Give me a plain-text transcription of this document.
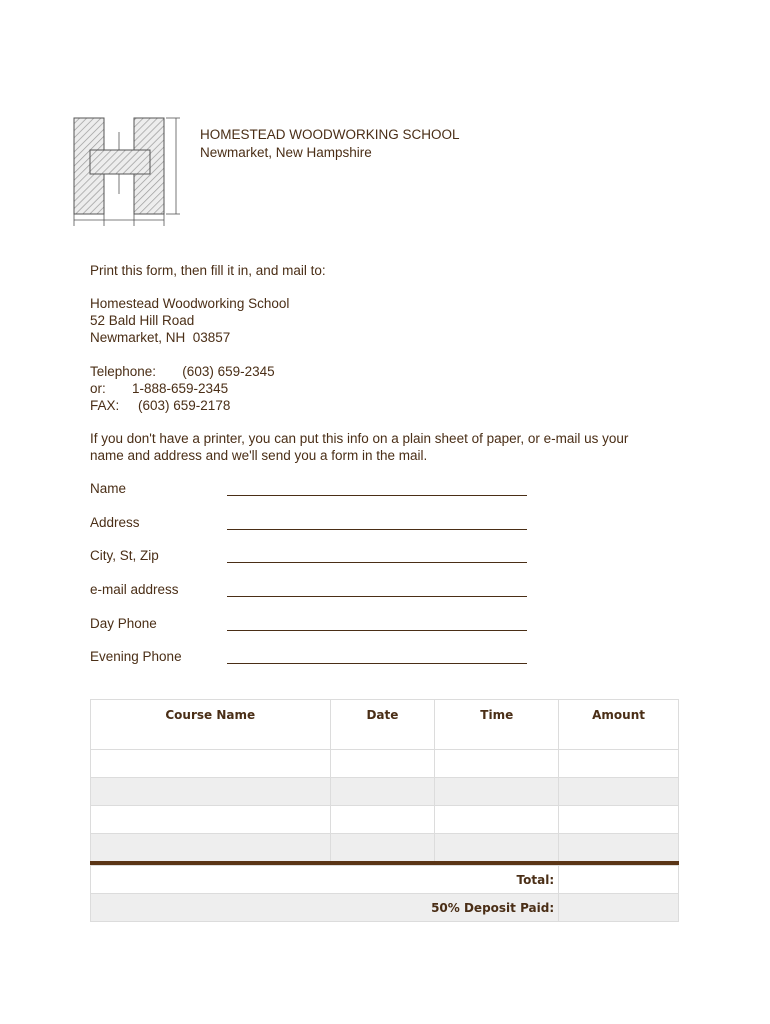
HOMESTEAD WOODWORKING SCHOOL
Newmarket, New Hampshire
Print this form, then fill it in, and mail to:
Homestead Woodworking School
52 Bald Hill Road
Newmarket, NH  03857
Telephone:       (603) 659-2345
or:       1-888-659-2345
FAX:     (603) 659-2178
If you don't have a printer, you can put this info on a plain sheet of paper, or e-mail us your
name and address and we'll send you a form in the mail.
Name
Address
City, St, Zip
e-mail address
Day Phone
Evening Phone
Course Name	Date	Time	Amount

Total:			
50% Deposit Paid:			
